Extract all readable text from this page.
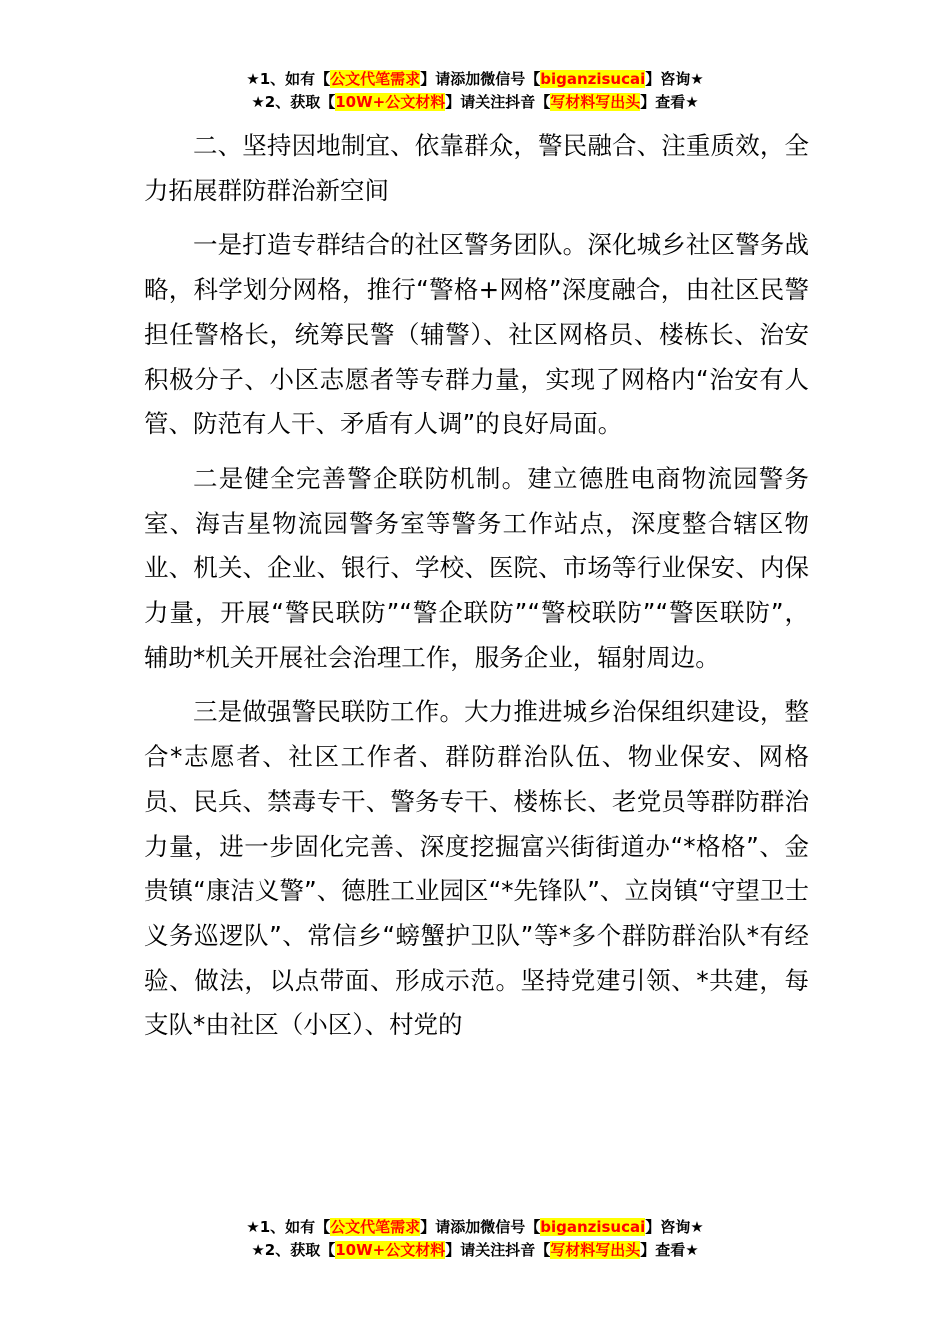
★1、如有【公文代笔需求】请添加微信号【biganzisucai】咨询★
★2、获取【10W+公文材料】请关注抖音【写材料写出头】查看★

二、坚持因地制宜、依靠群众，警民融合、注重质效，全力拓展群防群治新空间

一是打造专群结合的社区警务团队。深化城乡社区警务战略，科学划分网格，推行“警格+网格”深度融合，由社区民警担任警格长，统筹民警（辅警）、社区网格员、楼栋长、治安积极分子、小区志愿者等专群力量，实现了网格内“治安有人管、防范有人干、矛盾有人调”的良好局面。

二是健全完善警企联防机制。建立德胜电商物流园警务室、海吉星物流园警务室等警务工作站点，深度整合辖区物业、机关、企业、银行、学校、医院、市场等行业保安、内保力量，开展“警民联防”“警企联防”“警校联防”“警医联防”，辅助*机关开展社会治理工作，服务企业，辐射周边。

三是做强警民联防工作。大力推进城乡治保组织建设，整合*志愿者、社区工作者、群防群治队伍、物业保安、网格员、民兵、禁毒专干、警务专干、楼栋长、老党员等群防群治力量，进一步固化完善、深度挖掘富兴街街道办“*格格”、金贵镇“康洁义警”、德胜工业园区“*先锋队”、立岗镇“守望卫士义务巡逻队”、常信乡“螃蟹护卫队”等*多个群防群治队*有经验、做法，以点带面、形成示范。坚持党建引领、*共建，每支队*由社区（小区）、村党的

★1、如有【公文代笔需求】请添加微信号【biganzisucai】咨询★
★2、获取【10W+公文材料】请关注抖音【写材料写出头】查看★
